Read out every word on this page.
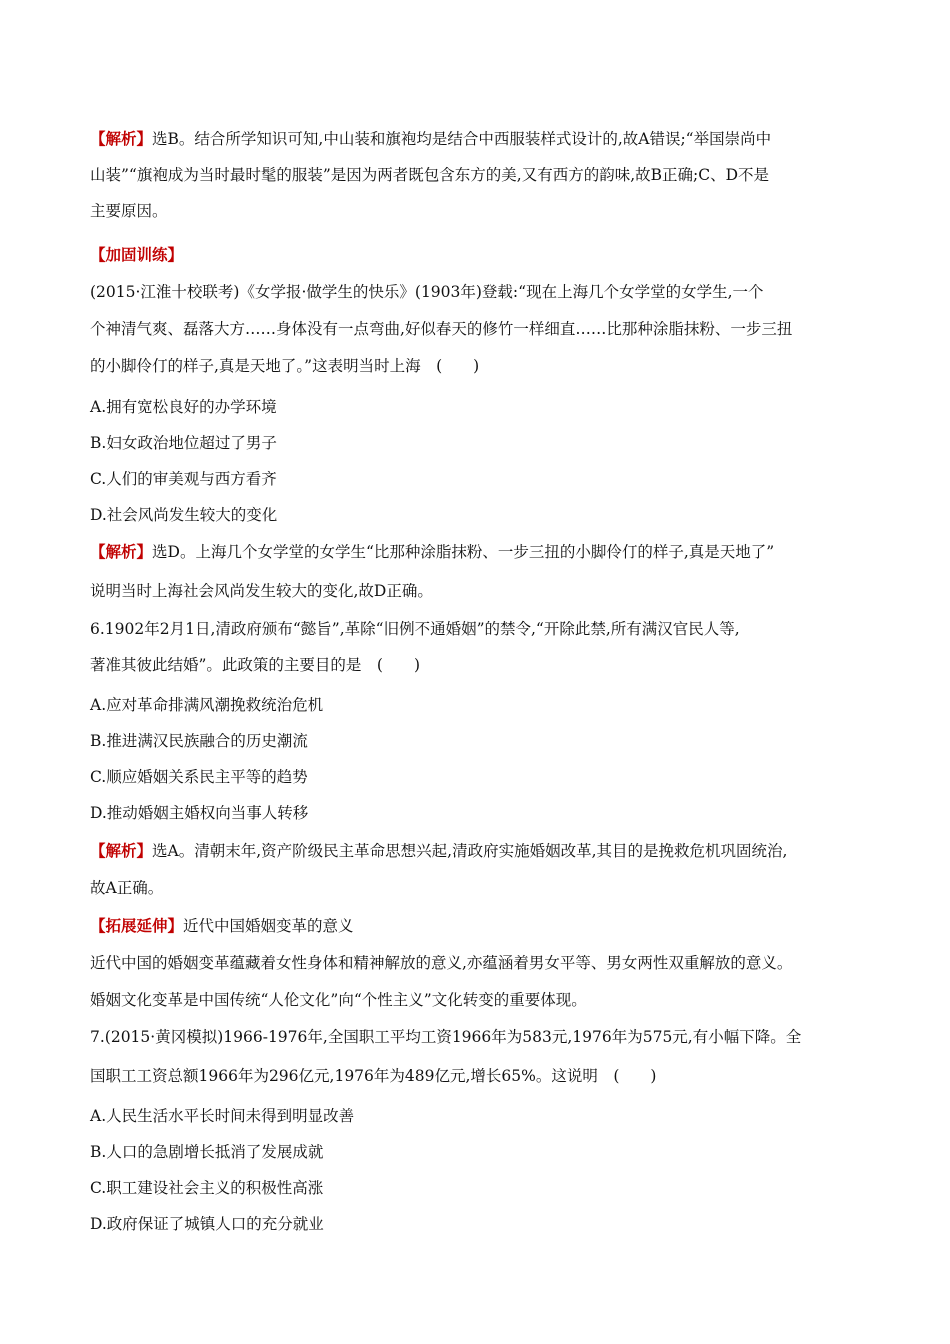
【解析】选B。结合所学知识可知,中山装和旗袍均是结合中西服装样式设计的,故A错误;“举国崇尚中
山装”“旗袍成为当时最时髦的服装”是因为两者既包含东方的美,又有西方的韵味,故B正确;C、D不是
主要原因。
【加固训练】
(2015·江淮十校联考)《女学报·做学生的快乐》(1903年)登载:“现在上海几个女学堂的女学生,一个
个神清气爽、磊落大方……身体没有一点弯曲,好似春天的修竹一样细直……比那种涂脂抹粉、一步三扭
的小脚伶仃的样子,真是天地了。”这表明当时上海　(　　)
A.拥有宽松良好的办学环境
B.妇女政治地位超过了男子
C.人们的审美观与西方看齐
D.社会风尚发生较大的变化
【解析】选D。上海几个女学堂的女学生“比那种涂脂抹粉、一步三扭的小脚伶仃的样子,真是天地了”
说明当时上海社会风尚发生较大的变化,故D正确。
6.1902年2月1日,清政府颁布“懿旨”,革除“旧例不通婚姻”的禁令,“开除此禁,所有满汉官民人等,
著准其彼此结婚”。此政策的主要目的是　(　　)
A.应对革命排满风潮挽救统治危机
B.推进满汉民族融合的历史潮流
C.顺应婚姻关系民主平等的趋势
D.推动婚姻主婚权向当事人转移
【解析】选A。清朝末年,资产阶级民主革命思想兴起,清政府实施婚姻改革,其目的是挽救危机巩固统治,
故A正确。
【拓展延伸】近代中国婚姻变革的意义
近代中国的婚姻变革蕴藏着女性身体和精神解放的意义,亦蕴涵着男女平等、男女两性双重解放的意义。
婚姻文化变革是中国传统“人伦文化”向“个性主义”文化转变的重要体现。
7.(2015·黄冈模拟)1966-1976年,全国职工平均工资1966年为583元,1976年为575元,有小幅下降。全
国职工工资总额1966年为296亿元,1976年为489亿元,增长65%。这说明　(　　)
A.人民生活水平长时间未得到明显改善
B.人口的急剧增长抵消了发展成就
C.职工建设社会主义的积极性高涨
D.政府保证了城镇人口的充分就业
